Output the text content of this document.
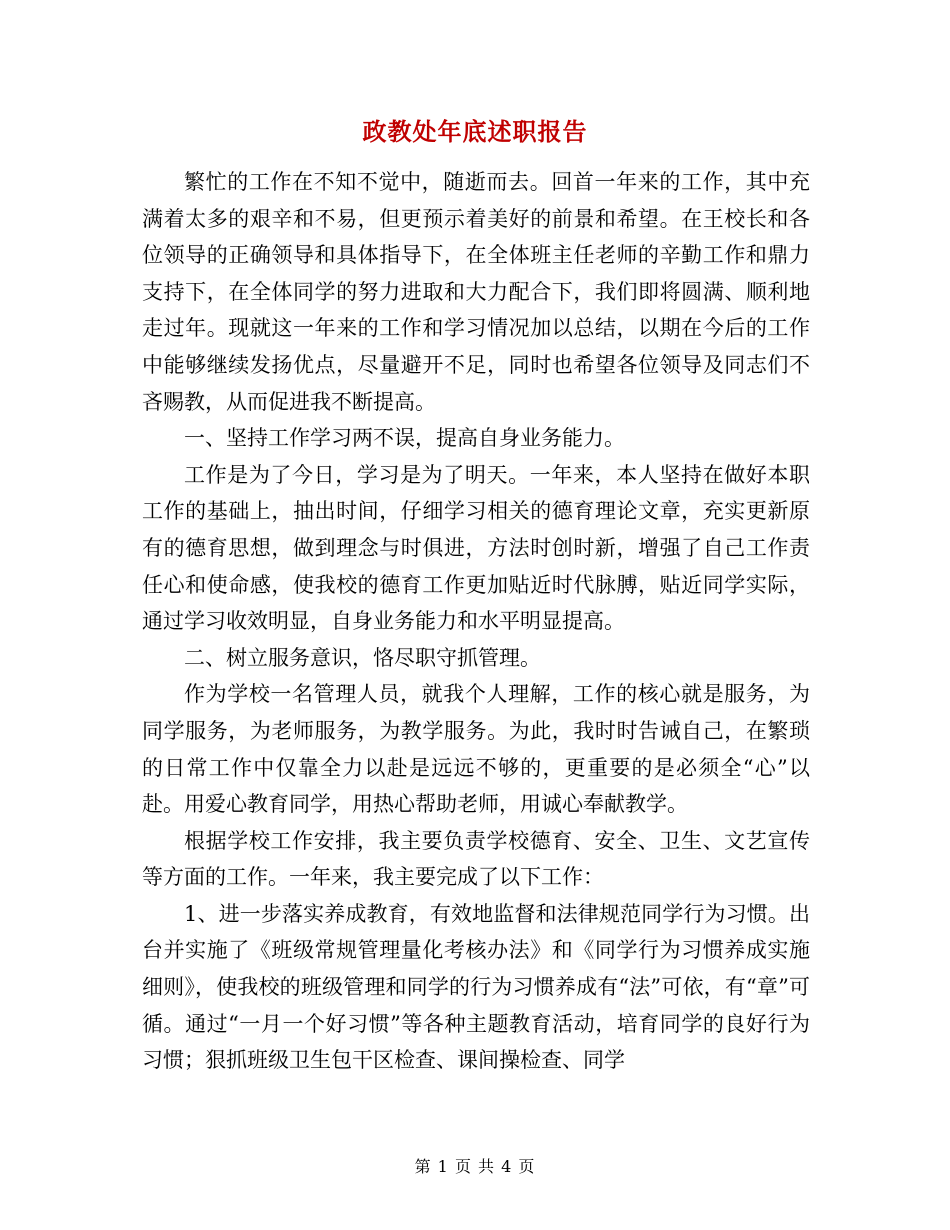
政教处年底述职报告

繁忙的工作在不知不觉中，随逝而去。回首一年来的工作，其中充满着太多的艰辛和不易，但更预示着美好的前景和希望。在王校长和各位领导的正确领导和具体指导下，在全体班主任老师的辛勤工作和鼎力支持下，在全体同学的努力进取和大力配合下，我们即将圆满、顺利地走过年。现就这一年来的工作和学习情况加以总结，以期在今后的工作中能够继续发扬优点，尽量避开不足，同时也希望各位领导及同志们不吝赐教，从而促进我不断提高。

一、坚持工作学习两不误，提高自身业务能力。

工作是为了今日，学习是为了明天。一年来，本人坚持在做好本职工作的基础上，抽出时间，仔细学习相关的德育理论文章，充实更新原有的德育思想，做到理念与时俱进，方法时创时新，增强了自己工作责任心和使命感，使我校的德育工作更加贴近时代脉膊，贴近同学实际，通过学习收效明显，自身业务能力和水平明显提高。

二、树立服务意识，恪尽职守抓管理。

作为学校一名管理人员，就我个人理解，工作的核心就是服务，为同学服务，为老师服务，为教学服务。为此，我时时告诫自己，在繁琐的日常工作中仅靠全力以赴是远远不够的，更重要的是必须全“心”以赴。用爱心教育同学，用热心帮助老师，用诚心奉献教学。

根据学校工作安排，我主要负责学校德育、安全、卫生、文艺宣传等方面的工作。一年来，我主要完成了以下工作：

1、进一步落实养成教育，有效地监督和法律规范同学行为习惯。出台并实施了《班级常规管理量化考核办法》和《同学行为习惯养成实施细则》，使我校的班级管理和同学的行为习惯养成有“法”可依，有“章”可循。通过“一月一个好习惯”等各种主题教育活动，培育同学的良好行为习惯；狠抓班级卫生包干区检查、课间操检查、同学

第 1 页 共 4 页
